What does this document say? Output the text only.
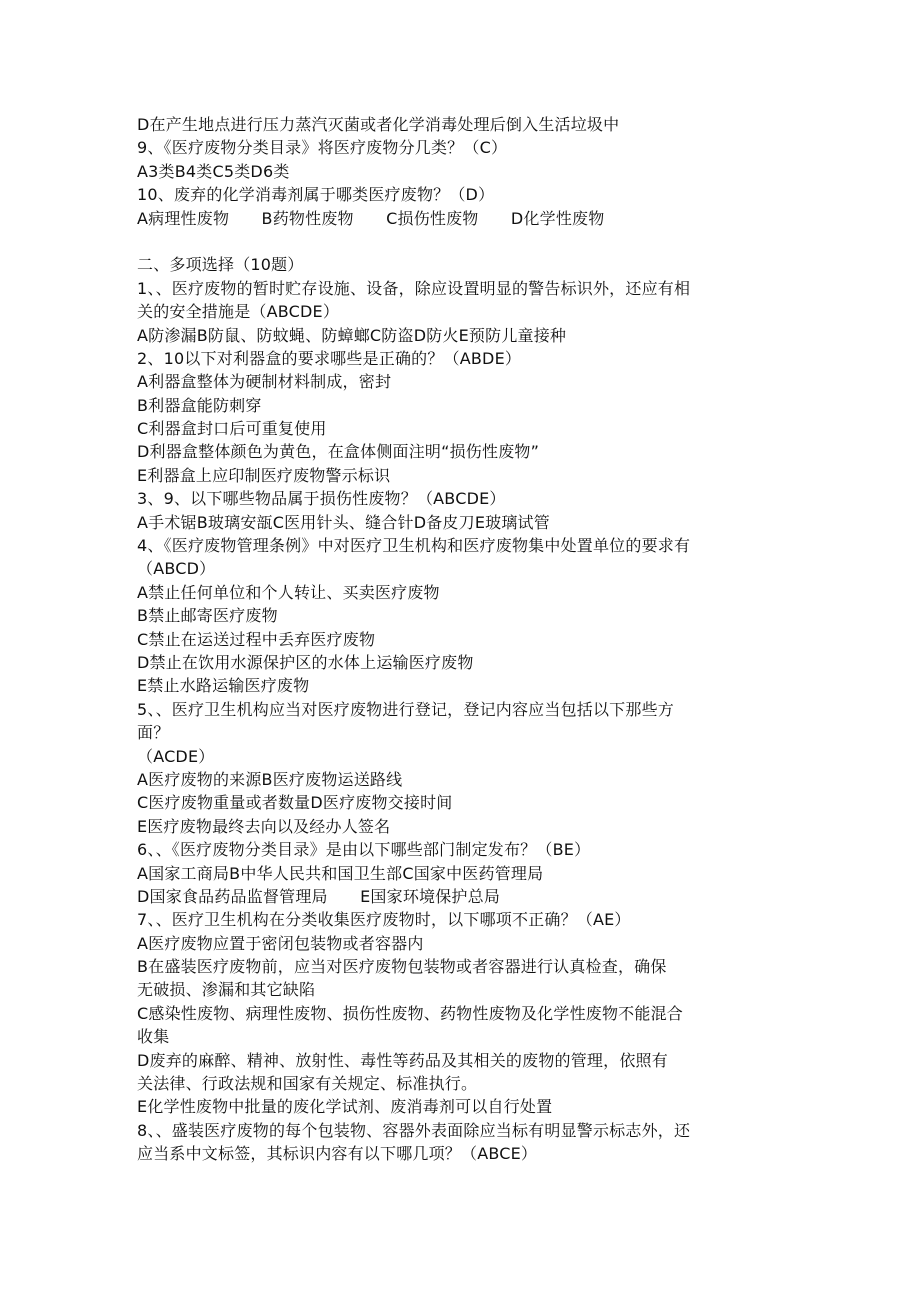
D在产生地点进行压力蒸汽灭菌或者化学消毒处理后倒入生活垃圾中
9、《医疗废物分类目录》将医疗废物分几类？（C）
A3类B4类C5类D6类
10、废弃的化学消毒剂属于哪类医疗废物？（D）
A病理性废物　　B药物性废物　　C损伤性废物　　D化学性废物
二、多项选择（10题）
1、、医疗废物的暂时贮存设施、设备，除应设置明显的警告标识外，还应有相
关的安全措施是（ABCDE）
A防渗漏B防鼠、防蚊蝇、防蟑螂C防盗D防火E预防儿童接种
2、10以下对利器盒的要求哪些是正确的？（ABDE）
A利器盒整体为硬制材料制成，密封
B利器盒能防刺穿
C利器盒封口后可重复使用
D利器盒整体颜色为黄色，在盒体侧面注明“损伤性废物”
E利器盒上应印制医疗废物警示标识
3、9、以下哪些物品属于损伤性废物？（ABCDE）
A手术锯B玻璃安瓿C医用针头、缝合针D备皮刀E玻璃试管
4、《医疗废物管理条例》中对医疗卫生机构和医疗废物集中处置单位的要求有
（ABCD）
A禁止任何单位和个人转让、买卖医疗废物
B禁止邮寄医疗废物
C禁止在运送过程中丢弃医疗废物
D禁止在饮用水源保护区的水体上运输医疗废物
E禁止水路运输医疗废物
5、、医疗卫生机构应当对医疗废物进行登记，登记内容应当包括以下那些方
面？
（ACDE）
A医疗废物的来源B医疗废物运送路线
C医疗废物重量或者数量D医疗废物交接时间
E医疗废物最终去向以及经办人签名
6、、《医疗废物分类目录》是由以下哪些部门制定发布？（BE）
A国家工商局B中华人民共和国卫生部C国家中医药管理局
D国家食品药品监督管理局　　E国家环境保护总局
7、、医疗卫生机构在分类收集医疗废物时，以下哪项不正确？（AE）
A医疗废物应置于密闭包装物或者容器内
B在盛装医疗废物前，应当对医疗废物包装物或者容器进行认真检查，确保
无破损、渗漏和其它缺陷
C感染性废物、病理性废物、损伤性废物、药物性废物及化学性废物不能混合
收集
D废弃的麻醉、精神、放射性、毒性等药品及其相关的废物的管理，依照有
关法律、行政法规和国家有关规定、标准执行。
E化学性废物中批量的废化学试剂、废消毒剂可以自行处置
8、、盛装医疗废物的每个包装物、容器外表面除应当标有明显警示标志外，还
应当系中文标签，其标识内容有以下哪几项？（ABCE）
